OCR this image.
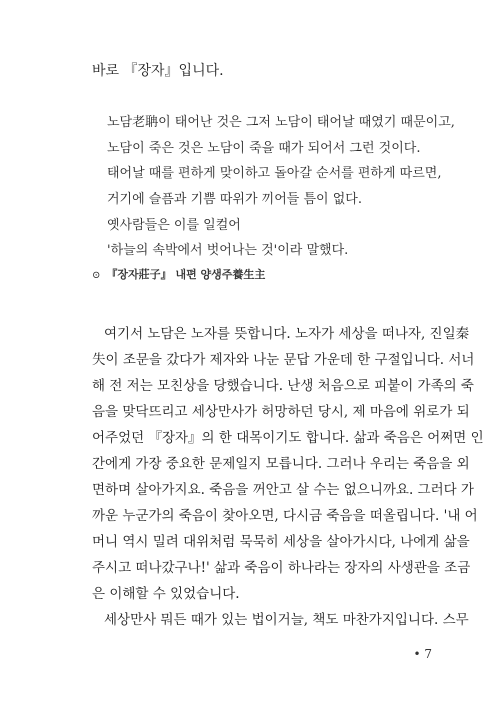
바로 『장자』입니다.

노담老聃이 태어난 것은 그저 노담이 태어날 때였기 때문이고,

노담이 죽은 것은 노담이 죽을 때가 되어서 그런 것이다.

태어날 때를 편하게 맞이하고 돌아갈 순서를 편하게 따르면,

거기에 슬픔과 기쁨 따위가 끼어들 틈이 없다.

옛사람들은 이를 일컬어

'하늘의 속박에서 벗어나는 것'이라 말했다.

⊙ 『장자莊子』 내편 양생주養生主

여기서 노담은 노자를 뜻합니다. 노자가 세상을 떠나자, 진일秦

失이 조문을 갔다가 제자와 나눈 문답 가운데 한 구절입니다. 서너

해 전 저는 모친상을 당했습니다. 난생 처음으로 피붙이 가족의 죽

음을 맞닥뜨리고 세상만사가 허망하던 당시, 제 마음에 위로가 되

어주었던 『장자』의 한 대목이기도 합니다. 삶과 죽음은 어쩌면 인

간에게 가장 중요한 문제일지 모릅니다. 그러나 우리는 죽음을 외

면하며 살아가지요. 죽음을 꺼안고 살 수는 없으니까요. 그러다 가

까운 누군가의 죽음이 찾아오면, 다시금 죽음을 떠올립니다. '내 어

머니 역시 밀려 대위처럼 묵묵히 세상을 살아가시다, 나에게 삶을

주시고 떠나갔구나!' 삶과 죽음이 하나라는 장자의 사생관을 조금

은 이해할 수 있었습니다.

세상만사 뭐든 때가 있는 법이거늘, 책도 마찬가지입니다. 스무

• 7
